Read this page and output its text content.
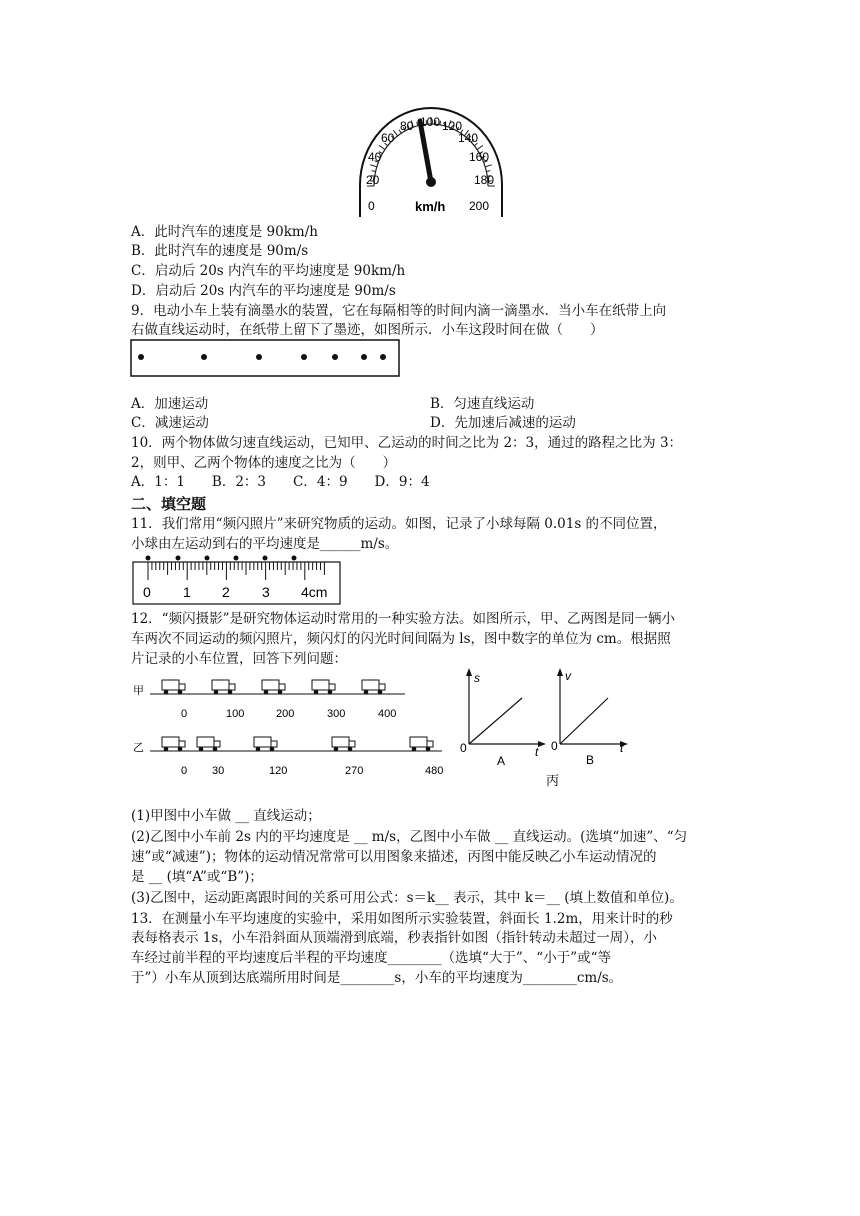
0
20
40
60
80 100 120
140
160
180
200
km/h
A．此时汽车的速度是 90km/h
B．此时汽车的速度是 90m/s
C．启动后 20s 内汽车的平均速度是 90km/h
D．启动后 20s 内汽车的平均速度是 90m/s
9．电动小车上装有滴墨水的装置，它在每隔相等的时间内滴一滴墨水．当小车在纸带上向
右做直线运动时，在纸带上留下了墨迹，如图所示．小车这段时间在做（　　）
A．加速运动	B．匀速直线运动
C．减速运动	D．先加速后减速的运动
10．两个物体做匀速直线运动，已知甲、乙运动的时间之比为 2：3，通过的路程之比为 3：
2，则甲、乙两个物体的速度之比为（　　）
A．1：1　　B．2：3　　C．4：9　　D．9：4
二、填空题
11．我们常用“频闪照片”来研究物质的运动。如图，记录了小球每隔 0.01s 的不同位置，
小球由左运动到右的平均速度是______m/s。
0 1 2 3 4cm
12．“频闪摄影”是研究物体运动时常用的一种实验方法。如图所示，甲、乙两图是同一辆小
车两次不同运动的频闪照片，频闪灯的闪光时间间隔为 ls，图中数字的单位为 cm。根据照
片记录的小车位置，回答下列问题：
甲
0	100	200	300	400
乙
0 30	120	270	480
s
t
0
A
v
t
0
B
丙
(1)甲图中小车做 __ 直线运动；
(2)乙图中小车前 2s 内的平均速度是 __ m/s，乙图中小车做 __ 直线运动。(选填“加速”、“匀
速”或“减速”)；物体的运动情况常常可以用图象来描述，丙图中能反映乙小车运动情况的
是 __ (填“A”或“B”)；
(3)乙图中，运动距离跟时间的关系可用公式：s＝k__ 表示，其中 k＝__ (填上数值和单位)。
13．在测量小车平均速度的实验中，采用如图所示实验装置，斜面长 1.2m，用来计时的秒
表每格表示 1s，小车沿斜面从顶端滑到底端，秒表指针如图（指针转动未超过一周），小
车经过前半程的平均速度后半程的平均速度________（选填“大于”、“小于”或“等
于”）小车从顶到达底端所用时间是________s，小车的平均速度为________cm/s。
